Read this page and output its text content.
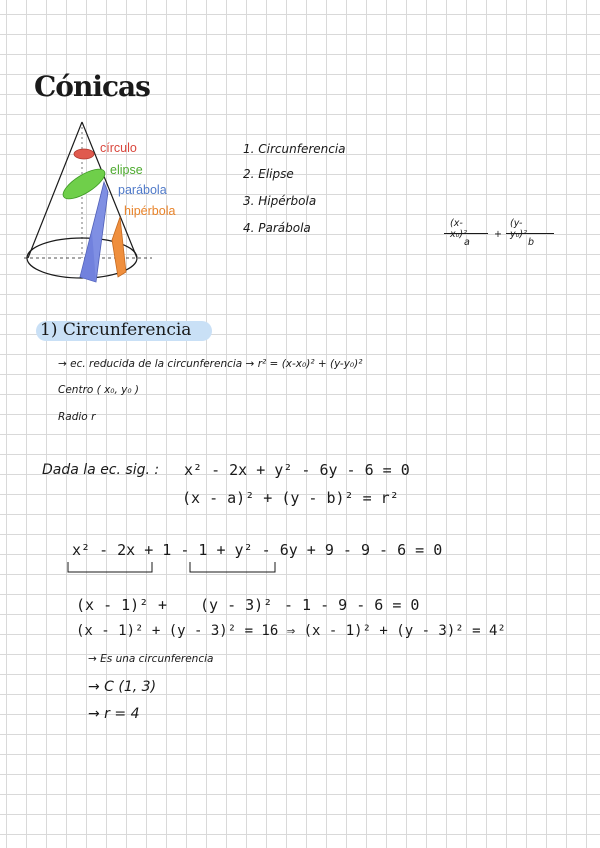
Cónicas
círculo
elipse
parábola
hipérbola
1. Circunferencia
2. Elipse
3. Hipérbola
4. Parábola	(x-x₀)²
a
+
(y-y₀)²
b
1) Circunferencia
→ ec. reducida de la circunferencia → r² = (x-x₀)² + (y-y₀)²
Centro ( x₀, y₀ )
Radio r
Dada la ec. sig. : x² - 2x + y² - 6y - 6 = 0
(x - a)² + (y - b)² = r²
x² - 2x + 1 - 1 + y² - 6y + 9 - 9 - 6 = 0
(x - 1)² + (y - 3)² - 1 - 9 - 6 = 0
(x - 1)² + (y - 3)² = 16 ⇒ (x - 1)² + (y - 3)² = 4²
→ Es una circunferencia
→ C (1, 3)
→ r = 4
